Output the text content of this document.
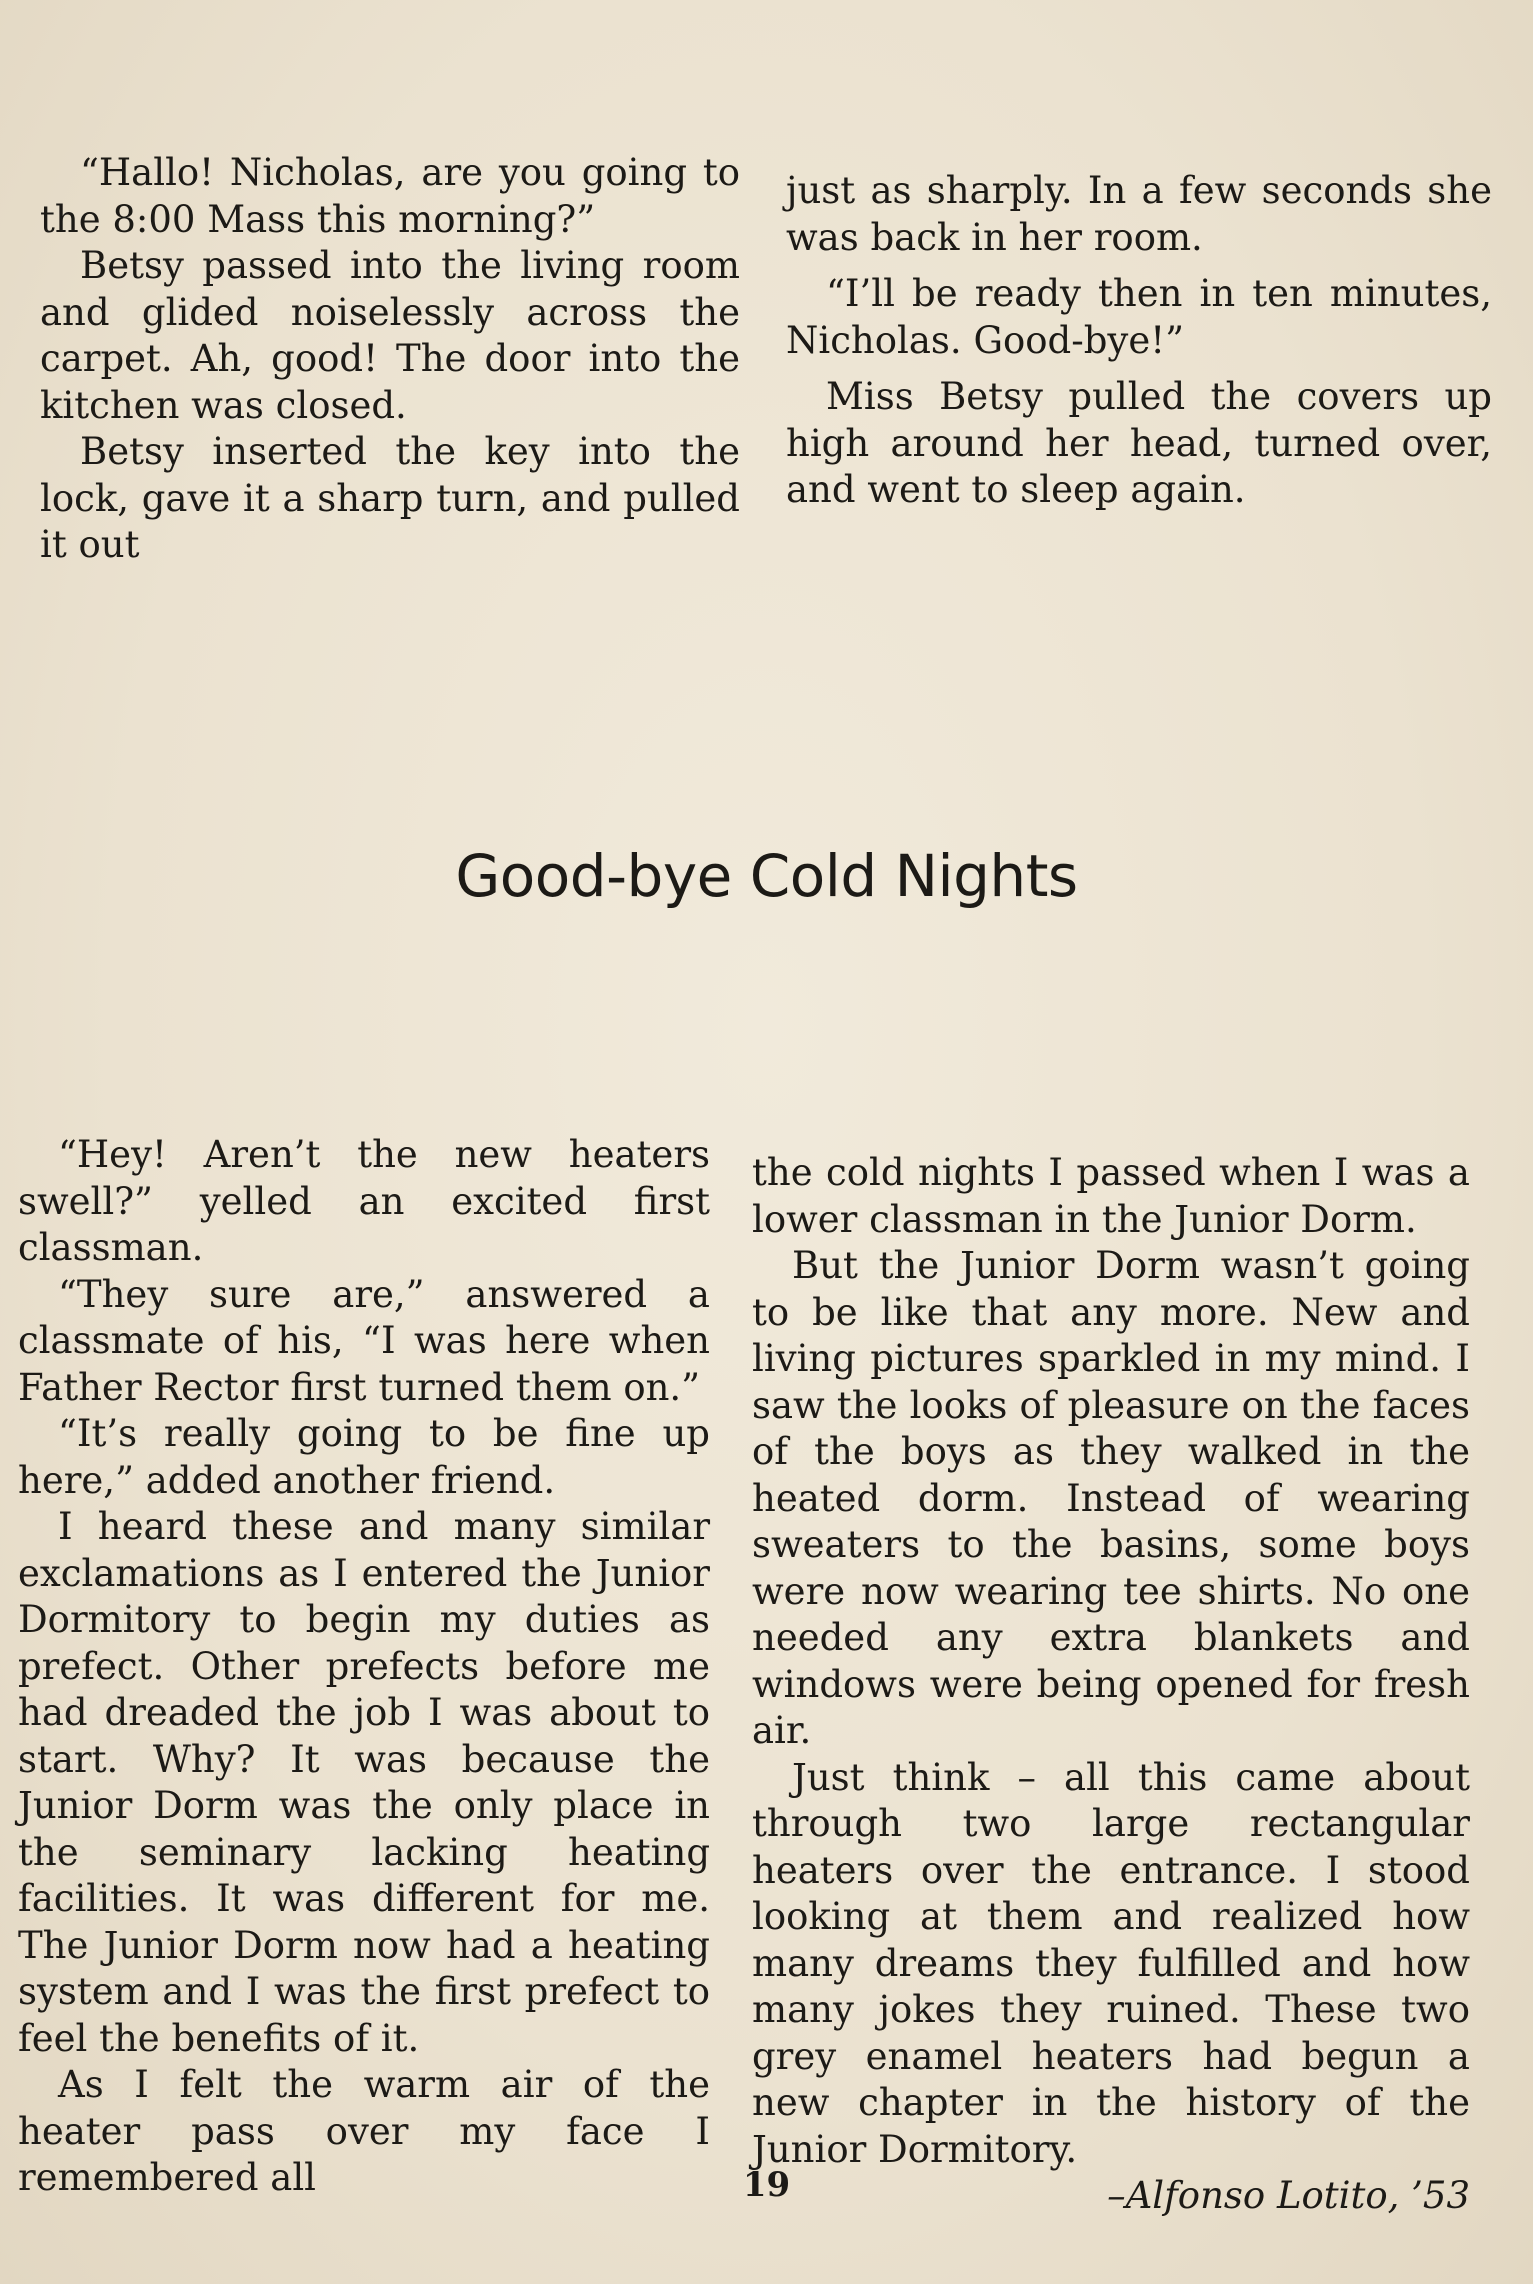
“Hallo! Nicholas, are you going to the 8:00 Mass this morning?”

Betsy passed into the living room and glided noiselessly across the carpet. Ah, good! The door into the kitchen was closed.

Betsy inserted the key into the lock, gave it a sharp turn, and pulled it out

just as sharply. In a few seconds she was back in her room.

“I’ll be ready then in ten minutes, Nicholas. Good-bye!”

Miss Betsy pulled the covers up high around her head, turned over, and went to sleep again.

Good-bye Cold Nights

“Hey! Aren’t the new heaters swell?” yelled an excited first classman.

“They sure are,” answered a classmate of his, “I was here when Father Rector first turned them on.”

“It’s really going to be fine up here,” added another friend.

I heard these and many similar exclamations as I entered the Junior Dormitory to begin my duties as prefect. Other prefects before me had dreaded the job I was about to start. Why? It was because the Junior Dorm was the only place in the seminary lacking heating facilities. It was different for me. The Junior Dorm now had a heating system and I was the first prefect to feel the benefits of it.

As I felt the warm air of the heater pass over my face I remembered all

the cold nights I passed when I was a lower classman in the Junior Dorm.

But the Junior Dorm wasn’t going to be like that any more. New and living pictures sparkled in my mind. I saw the looks of pleasure on the faces of the boys as they walked in the heated dorm. Instead of wearing sweaters to the basins, some boys were now wearing tee shirts. No one needed any extra blankets and windows were being opened for fresh air.

Just think – all this came about through two large rectangular heaters over the entrance. I stood looking at them and realized how many dreams they fulfilled and how many jokes they ruined. These two grey enamel heaters had begun a new chapter in the history of the Junior Dormitory.

–Alfonso Lotito, ’53

19
